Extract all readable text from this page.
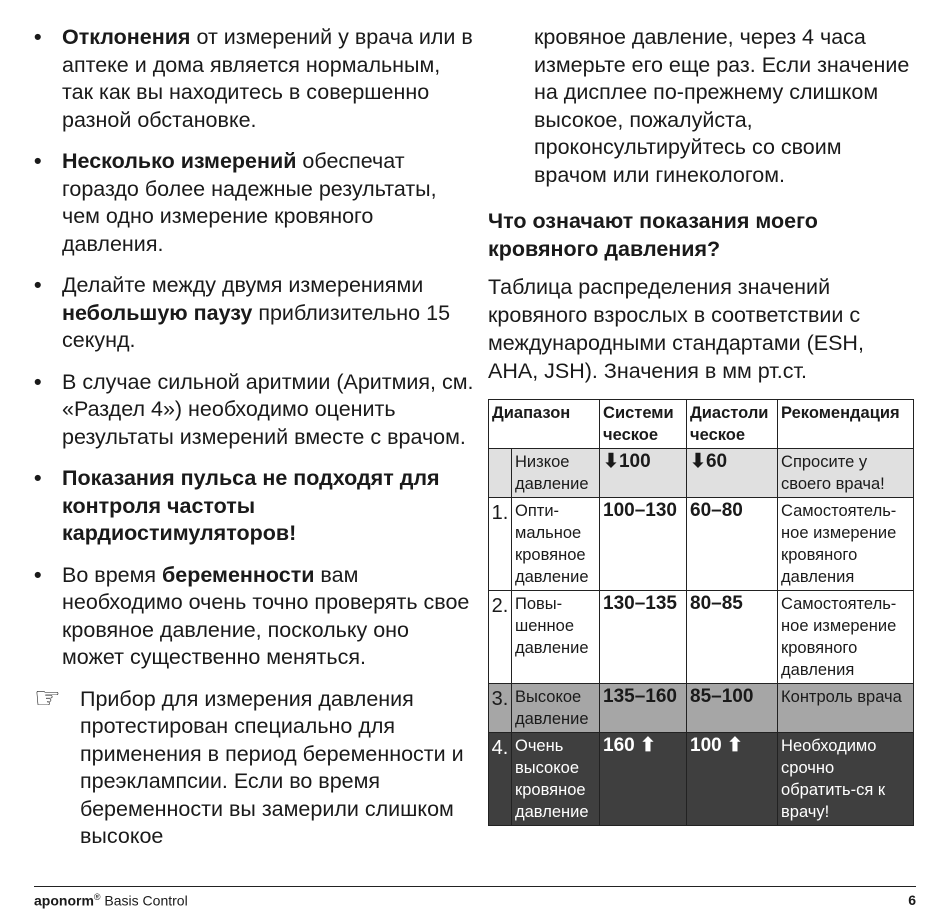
• Отклонения от измерений у врача или в аптеке и дома является нормальным, так как вы находитесь в совершенно разной обстановке.
• Несколько измерений обеспечат гораздо более надежные результаты, чем одно измерение кровяного давления.
• Делайте между двумя измерениями небольшую паузу приблизительно 15 секунд.
• В случае сильной аритмии (Аритмия, см. «Раздел 4») необходимо оценить результаты измерений вместе с врачом.
• Показания пульса не подходят для контроля частоты кардиостимуляторов!
• Во время беременности вам необходимо очень точно проверять свое кровяное давление, поскольку оно может существенно меняться.
☞ Прибор для измерения давления протестирован специально для применения в период беременности и преэклампсии. Если во время беременности вы замерили слишком высокое
кровяное давление, через 4 часа измерьте его еще раз. Если значение на дисплее по-прежнему слишком высокое, пожалуйста, проконсультируйтесь со своим врачом или гинекологом.
Что означают показания моего кровяного давления?
Таблица распределения значений кровяного взрослых в соответствии с международными стандартами (ESH, AHA, JSH). Значения в мм рт.ст.
Диапазон		Системи ческое	Диастоли ческое	Рекомендация
	Низкое давление	⬇100	⬇60	Спросите у своего врача!
1.	Опти-мальное кровяное давление	100–130	60–80	Самостоятель-ное измерение кровяного давления
2.	Повы-шенное давление	130–135	80–85	Самостоятель-ное измерение кровяного давления
3.	Высокое давление	135–160	85–100	Контроль врача
4.	Очень высокое кровяное давление	160 ⬆	100 ⬆	Необходимо срочно обратить-ся к врачу!
aponorm® Basis Control	6
